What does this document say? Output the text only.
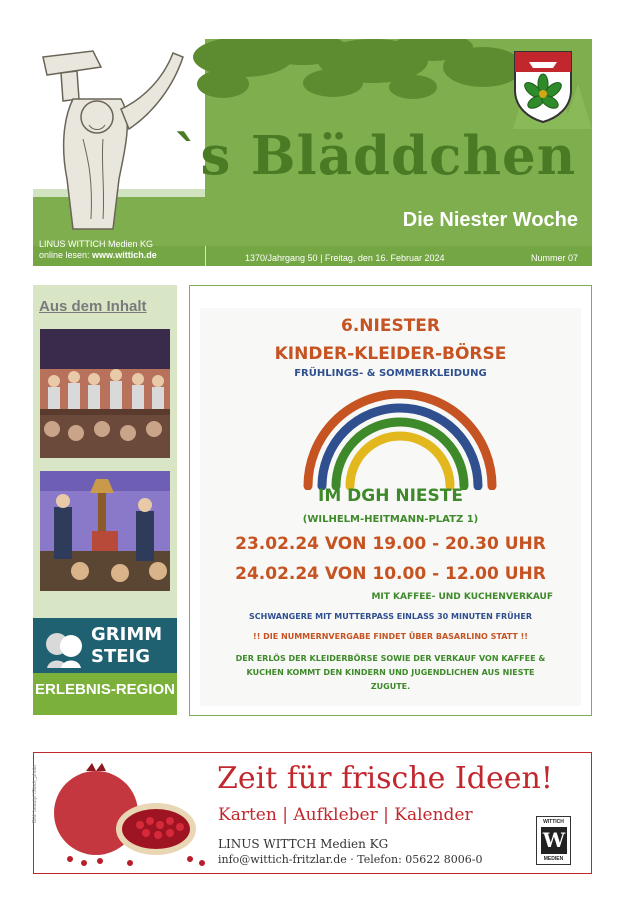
`s Bläddchen
Die Niester Woche
LINUS WITTICH Medien KG
online lesen: www.wittich.de	1370/Jahrgang 50 | Freitag, den 16. Februar 2024	Nummer 07
Aus dem Inhalt
GRIMM
STEIG
ERLEBNIS-REGION
6.NIESTER
KINDER-KLEIDER-BÖRSE
FRÜHLINGS- & SOMMERKLEIDUNG
IM DGH NIESTE
(WILHELM-HEITMANN-PLATZ 1)
23.02.24 VON 19.00 - 20.30 UHR
24.02.24 VON 10.00 - 12.00 UHR
MIT KAFFEE- UND KUCHENVERKAUF
SCHWANGERE MIT MUTTERPASS EINLASS 30 MINUTEN FRÜHER
!! DIE NUMMERNVERGABE FINDET ÜBER BASARLINO STATT !!
DER ERLÖS DER KLEIDERBÖRSE SOWIE DER VERKAUF VON KAFFEE &
KUCHEN KOMMT DEN KINDERN UND JUGENDLICHEN AUS NIESTE
ZUGUTE.
Bild: beauty/ iStock_photo	Zeit für frische Ideen!
Karten | Aufkleber | Kalender
LINUS WITTCH Medien KG
info@wittich-fritzlar.de · Telefon: 05622 8006-0
WITTICH
W
MEDIEN
